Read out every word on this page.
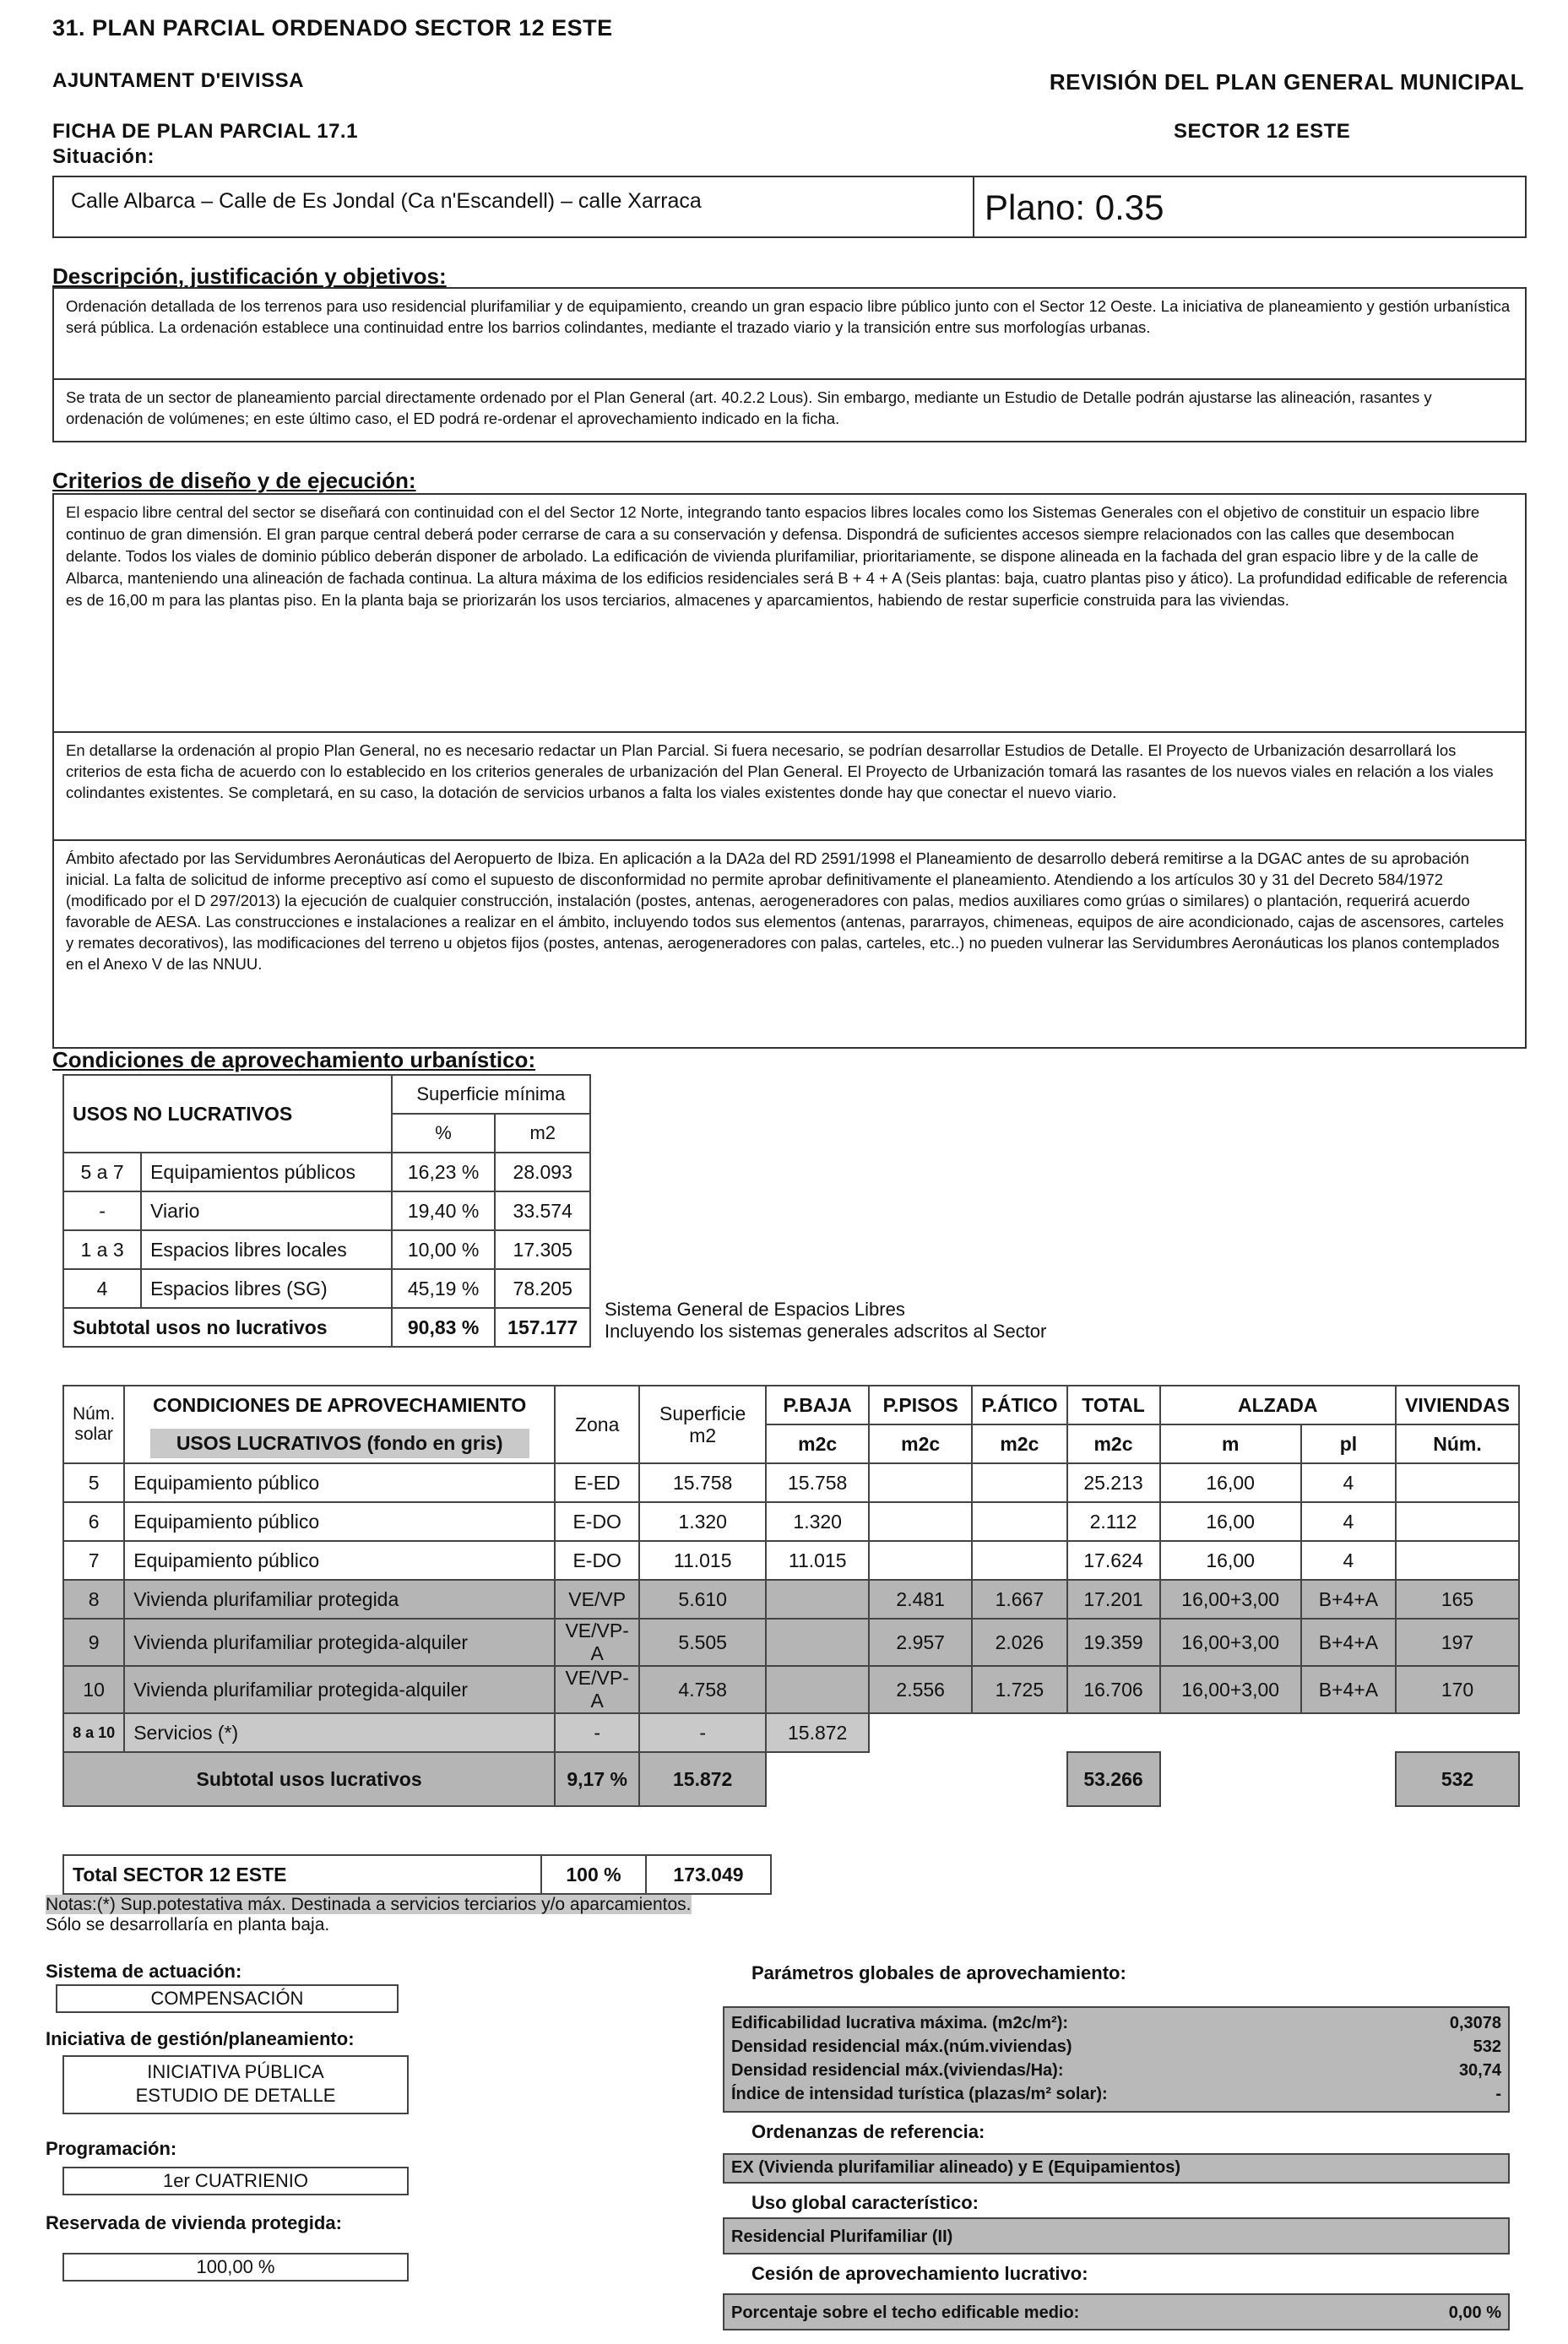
31. PLAN PARCIAL ORDENADO SECTOR 12 ESTE
AJUNTAMENT D'EIVISSA	REVISIÓN DEL PLAN GENERAL MUNICIPAL
FICHA DE PLAN PARCIAL 17.1	SECTOR 12 ESTE
Situación:
Calle Albarca – Calle de Es Jondal (Ca n'Escandell) – calle Xarraca	Plano: 0.35
Descripción, justificación y objetivos:
Ordenación detallada de los terrenos para uso residencial plurifamiliar y de equipamiento, creando un gran espacio libre público junto con el Sector 12 Oeste. La iniciativa de planeamiento y gestión urbanística será pública. La ordenación establece una continuidad entre los barrios colindantes, mediante el trazado viario y la transición entre sus morfologías urbanas.
Se trata de un sector de planeamiento parcial directamente ordenado por el Plan General (art. 40.2.2 Lous). Sin embargo, mediante un Estudio de Detalle podrán ajustarse las alineación, rasantes y ordenación de volúmenes; en este último caso, el ED podrá re-ordenar el aprovechamiento indicado en la ficha.
Criterios de diseño y de ejecución:
El espacio libre central del sector se diseñará con continuidad con el del Sector 12 Norte, integrando tanto espacios libres locales como los Sistemas Generales con el objetivo de constituir un espacio libre continuo de gran dimensión. El gran parque central deberá poder cerrarse de cara a su conservación y defensa. Dispondrá de suficientes accesos siempre relacionados con las calles que desembocan delante. Todos los viales de dominio público deberán disponer de arbolado. La edificación de vivienda plurifamiliar, prioritariamente, se dispone alineada en la fachada del gran espacio libre y de la calle de Albarca, manteniendo una alineación de fachada continua. La altura máxima de los edificios residenciales será B + 4 + A (Seis plantas: baja, cuatro plantas piso y ático). La profundidad edificable de referencia es de 16,00 m para las plantas piso. En la planta baja se priorizarán los usos terciarios, almacenes y aparcamientos, habiendo de restar superficie construida para las viviendas.
En detallarse la ordenación al propio Plan General, no es necesario redactar un Plan Parcial. Si fuera necesario, se podrían desarrollar Estudios de Detalle. El Proyecto de Urbanización desarrollará los criterios de esta ficha de acuerdo con lo establecido en los criterios generales de urbanización del Plan General. El Proyecto de Urbanización tomará las rasantes de los nuevos viales en relación a los viales colindantes existentes. Se completará, en su caso, la dotación de servicios urbanos a falta los viales existentes donde hay que conectar el nuevo viario.
Ámbito afectado por las Servidumbres Aeronáuticas del Aeropuerto de Ibiza. En aplicación a la DA2a del RD 2591/1998 el Planeamiento de desarrollo deberá remitirse a la DGAC antes de su aprobación inicial. La falta de solicitud de informe preceptivo así como el supuesto de disconformidad no permite aprobar definitivamente el planeamiento. Atendiendo a los artículos 30 y 31 del Decreto 584/1972 (modificado por el D 297/2013) la ejecución de cualquier construcción, instalación (postes, antenas, aerogeneradores con palas, medios auxiliares como grúas o similares) o plantación, requerirá acuerdo favorable de AESA. Las construcciones e instalaciones a realizar en el ámbito, incluyendo todos sus elementos (antenas, pararrayos, chimeneas, equipos de aire acondicionado, cajas de ascensores, carteles y remates decorativos), las modificaciones del terreno u objetos fijos (postes, antenas, aerogeneradores con palas, carteles, etc..) no pueden vulnerar las Servidumbres Aeronáuticas los planos contemplados en el Anexo V de las NNUU.
Condiciones de aprovechamiento urbanístico:
USOS NO LUCRATIVOS		Superficie mínima	
		%	m2
5 a 7	Equipamientos públicos	16,23 %	28.093
-	Viario	19,40 %	33.574
1 a 3	Espacios libres locales	10,00 %	17.305
4	Espacios libres (SG)	45,19 %	78.205
Subtotal usos no lucrativos		90,83 %	157.177
Sistema General de Espacios Libres
Incluyendo los sistemas generales adscritos al Sector
Núm. solar	CONDICIONES DE APROVECHAMIENTO	Zona	Superficie m2	P.BAJA	P.PISOS	P.ÁTICO	TOTAL	ALZADA		VIVIENDAS
	USOS LUCRATIVOS (fondo en gris)			m2c	m2c	m2c	m2c	m	pl	Núm.
5	Equipamiento público	E-ED	15.758	15.758			25.213	16,00	4	
6	Equipamiento público	E-DO	1.320	1.320			2.112	16,00	4	
7	Equipamiento público	E-DO	11.015	11.015			17.624	16,00	4	
8	Vivienda plurifamiliar protegida	VE/VP	5.610		2.481	1.667	17.201	16,00+3,00	B+4+A	165
9	Vivienda plurifamiliar protegida-alquiler	VE/VP-A	5.505		2.957	2.026	19.359	16,00+3,00	B+4+A	197
10	Vivienda plurifamiliar protegida-alquiler	VE/VP-A	4.758		2.556	1.725	16.706	16,00+3,00	B+4+A	170
8 a 10	Servicios (*)	-	-	15.872						
Subtotal usos lucrativos		9,17 %	15.872				53.266			532
Total SECTOR 12 ESTE	100 %	173.049
Notas:(*) Sup.potestativa máx. Destinada a servicios terciarios y/o aparcamientos.
Sólo se desarrollaría en planta baja.
Sistema de actuación:
COMPENSACIÓN
Iniciativa de gestión/planeamiento:
INICIATIVA PÚBLICA
ESTUDIO DE DETALLE
Programación:
1er CUATRIENIO
Reservada de vivienda protegida:
100,00 %
Parámetros globales de aprovechamiento:
Edificabilidad lucrativa máxima. (m2c/m²):	0,3078
Densidad residencial máx.(núm.viviendas)	532
Densidad residencial máx.(viviendas/Ha):	30,74
Índice de intensidad turística (plazas/m² solar):	-
Ordenanzas de referencia:
EX (Vivienda plurifamiliar alineado) y E (Equipamientos)
Uso global característico:
Residencial Plurifamiliar (II)
Cesión de aprovechamiento lucrativo:
Porcentaje sobre el techo edificable medio:	0,00 %
